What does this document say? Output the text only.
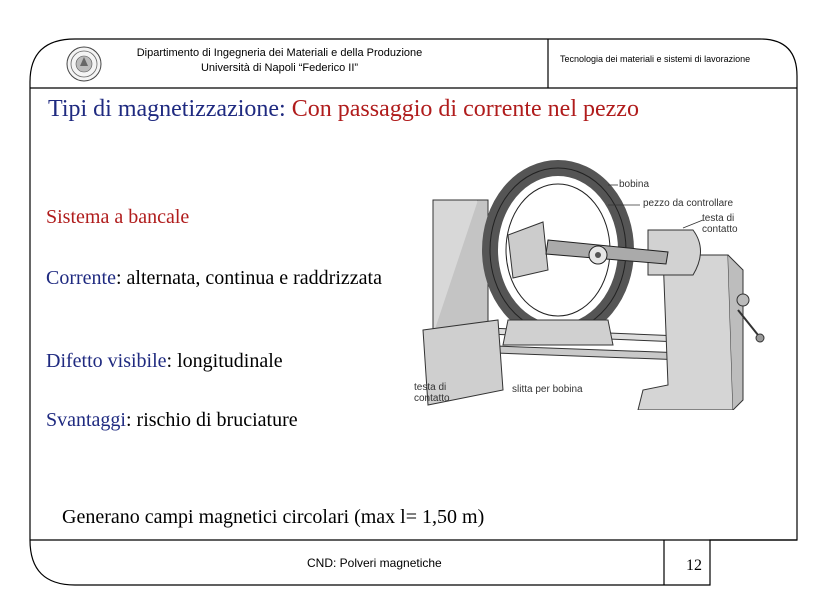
Dipartimento di Ingegneria dei Materiali e della Produzione
Università di Napoli “Federico II”
Tecnologia dei materiali e sistemi di lavorazione
Tipi di magnetizzazione: Con passaggio di corrente nel pezzo
Sistema a bancale
Corrente: alternata, continua e raddrizzata
Difetto visibile: longitudinale
Svantaggi: rischio di bruciature
bobina
pezzo da controllare
testa di contatto
testa di contatto
slitta per bobina
Generano campi magnetici circolari (max l= 1,50 m)
CND: Polveri magnetiche	12
